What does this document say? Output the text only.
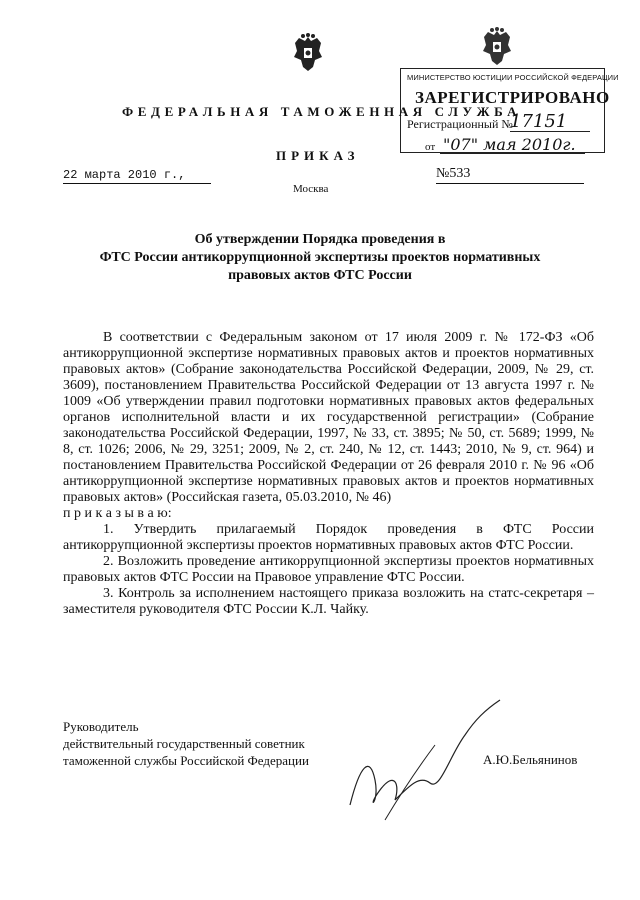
МИНИСТЕРСТВО ЮСТИЦИИ РОССИЙСКОЙ ФЕДЕРАЦИИ
ФЕДЕРАЛЬНАЯ ТАМОЖЕННАЯ СЛУЖБА
ЗАРЕГИСТРИРОВАНО
Регистрационный №
17151
от "07" мая 2010г.
ПРИКАЗ
22 марта 2010 г.,	№533
Москва
Об утверждении Порядка проведения в
ФТС России антикоррупционной экспертизы проектов нормативных
правовых актов ФТС России

В соответствии с Федеральным законом от 17 июля 2009 г. № 172-ФЗ «Об антикоррупционной экспертизе нормативных правовых актов и проектов нормативных правовых актов» (Собрание законодательства Российской Федерации, 2009, № 29, ст. 3609), постановлением Правительства Российской Федерации от 13 августа 1997 г. № 1009 «Об утверждении правил подготовки нормативных правовых актов федеральных органов исполнительной власти и их государственной регистрации» (Собрание законодательства Российской Федерации, 1997, № 33, ст. 3895; № 50, ст. 5689; 1999, № 8, ст. 1026; 2006, № 29, 3251; 2009, № 2, ст. 240, № 12, ст. 1443; 2010, № 9, ст. 964) и постановлением Правительства Российской Федерации от 26 февраля 2010 г. № 96 «Об антикоррупционной экспертизе нормативных правовых актов и проектов нормативных правовых актов» (Российская газета, 05.03.2010, № 46)

п р и к а з ы в а ю:

1. Утвердить прилагаемый Порядок проведения в ФТС России антикоррупционной экспертизы проектов нормативных правовых актов ФТС России.

2. Возложить проведение антикоррупционной экспертизы проектов нормативных правовых актов ФТС России на Правовое управление ФТС России.

3. Контроль за исполнением настоящего приказа возложить на статс-секретаря – заместителя руководителя ФТС России К.Л. Чайку.

Руководитель
действительный государственный советник
таможенной службы Российской Федерации	А.Ю.Бельянинов
